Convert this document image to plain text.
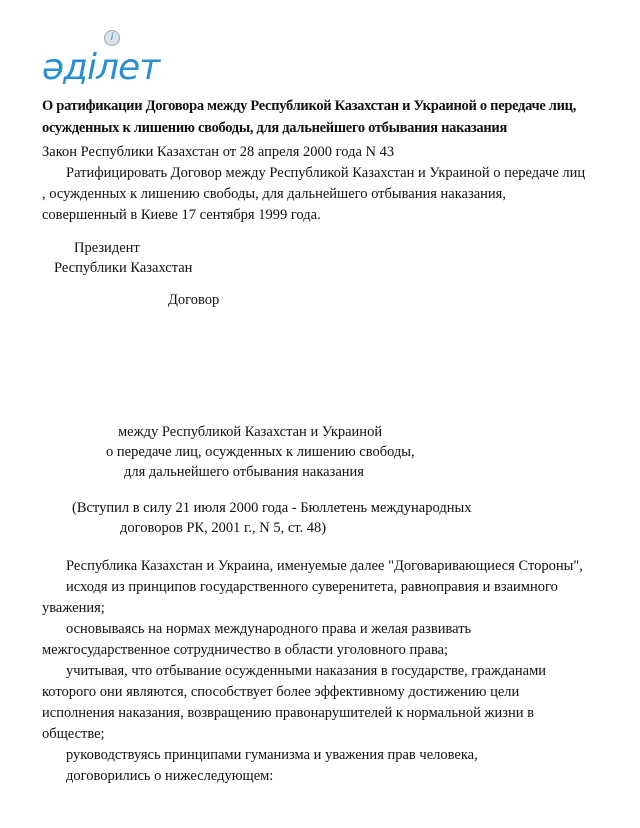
i
әділет
О ратификации Договора между Республикой Казахстан и Украиной о передаче лиц,
осужденных к лишению свободы, для дальнейшего отбывания наказания
Закон Республики Казахстан от 28 апреля 2000 года N 43
Ратифицировать Договор между Республикой Казахстан и Украиной о передаче лиц
, осужденных к лишению свободы, для дальнейшего отбывания наказания,
совершенный в Киеве 17 сентября 1999 года.
Президент
Республики Казахстан
Договор
между Республикой Казахстан и Украиной
о передаче лиц, осужденных к лишению свободы,
для дальнейшего отбывания наказания
(Вступил в силу 21 июля 2000 года - Бюллетень международных
договоров РК, 2001 г., N 5, ст. 48)
Республика Казахстан и Украина, именуемые далее "Договаривающиеся Стороны",
исходя из принципов государственного суверенитета, равноправия и взаимного
уважения;
основываясь на нормах международного права и желая развивать
межгосударственное сотрудничество в области уголовного права;
учитывая, что отбывание осужденными наказания в государстве, гражданами
которого они являются, способствует более эффективному достижению цели
исполнения наказания, возвращению правонарушителей к нормальной жизни в
обществе;
руководствуясь принципами гуманизма и уважения прав человека,
договорились о нижеследующем:
